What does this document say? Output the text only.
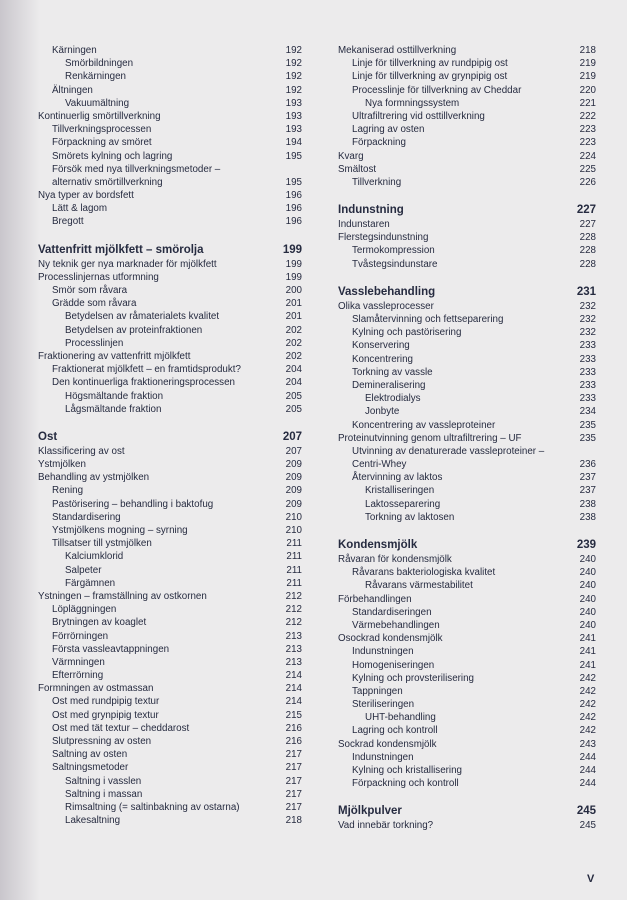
Kärningen	192
Smörbildningen	192
Renkärningen	192
Ältningen	192
Vakuumältning	193
Kontinuerlig smörtillverkning	193
Tillverkningsprocessen	193
Förpackning av smöret	194
Smörets kylning och lagring	195
Försök med nya tillverkningsmetoder –
alternativ smörtillverkning	195
Nya typer av bordsfett	196
Lätt & lagom	196
Bregott	196
Vattenfritt mjölkfett – smörolja	199
Ny teknik ger nya marknader för mjölkfett	199
Processlinjernas utformning	199
Smör som råvara	200
Grädde som råvara	201
Betydelsen av råmaterialets kvalitet	201
Betydelsen av proteinfraktionen	202
Processlinjen	202
Fraktionering av vattenfritt mjölkfett	202
Fraktionerat mjölkfett – en framtidsprodukt?	204
Den kontinuerliga fraktioneringsprocessen	204
Högsmältande fraktion	205
Lågsmältande fraktion	205
Ost	207
Klassificering av ost	207
Ystmjölken	209
Behandling av ystmjölken	209
Rening	209
Pastörisering – behandling i baktofug	209
Standardisering	210
Ystmjölkens mogning – syrning	210
Tillsatser till ystmjölken	211
Kalciumklorid	211
Salpeter	211
Färgämnen	211
Ystningen – framställning av ostkornen	212
Löpläggningen	212
Brytningen av koaglet	212
Förrörningen	213
Första vassleavtappningen	213
Värmningen	213
Efterrörning	214
Formningen av ostmassan	214
Ost med rundpipig textur	214
Ost med grynpipig textur	215
Ost med tät textur – cheddarost	216
Slutpressning av osten	216
Saltning av osten	217
Saltningsmetoder	217
Saltning i vasslen	217
Saltning i massan	217
Rimsaltning (= saltinbakning av ostarna)	217
Lakesaltning	218
Mekaniserad osttillverkning	218
Linje för tillverkning av rundpipig ost	219
Linje för tillverkning av grynpipig ost	219
Processlinje för tillverkning av Cheddar	220
Nya formningssystem	221
Ultrafiltrering vid osttillverkning	222
Lagring av osten	223
Förpackning	223
Kvarg	224
Smältost	225
Tillverkning	226
Indunstning	227
Indunstaren	227
Flerstegsindunstning	228
Termokompression	228
Tvåstegsindunstare	228
Vasslebehandling	231
Olika vassleprocesser	232
Slamåtervinning och fettseparering	232
Kylning och pastörisering	232
Konservering	233
Koncentrering	233
Torkning av vassle	233
Demineralisering	233
Elektrodialys	233
Jonbyte	234
Koncentrering av vassleproteiner	235
Proteinutvinning genom ultrafiltrering – UF	235
Utvinning av denaturerade vassleproteiner –
Centri-Whey	236
Återvinning av laktos	237
Kristalliseringen	237
Laktosseparering	238
Torkning av laktosen	238
Kondensmjölk	239
Råvaran för kondensmjölk	240
Råvarans bakteriologiska kvalitet	240
Råvarans värmestabilitet	240
Förbehandlingen	240
Standardiseringen	240
Värmebehandlingen	240
Osockrad kondensmjölk	241
Indunstningen	241
Homogeniseringen	241
Kylning och provsterilisering	242
Tappningen	242
Steriliseringen	242
UHT-behandling	242
Lagring och kontroll	242
Sockrad kondensmjölk	243
Indunstningen	244
Kylning och kristallisering	244
Förpackning och kontroll	244
Mjölkpulver	245
Vad innebär torkning?	245
V
